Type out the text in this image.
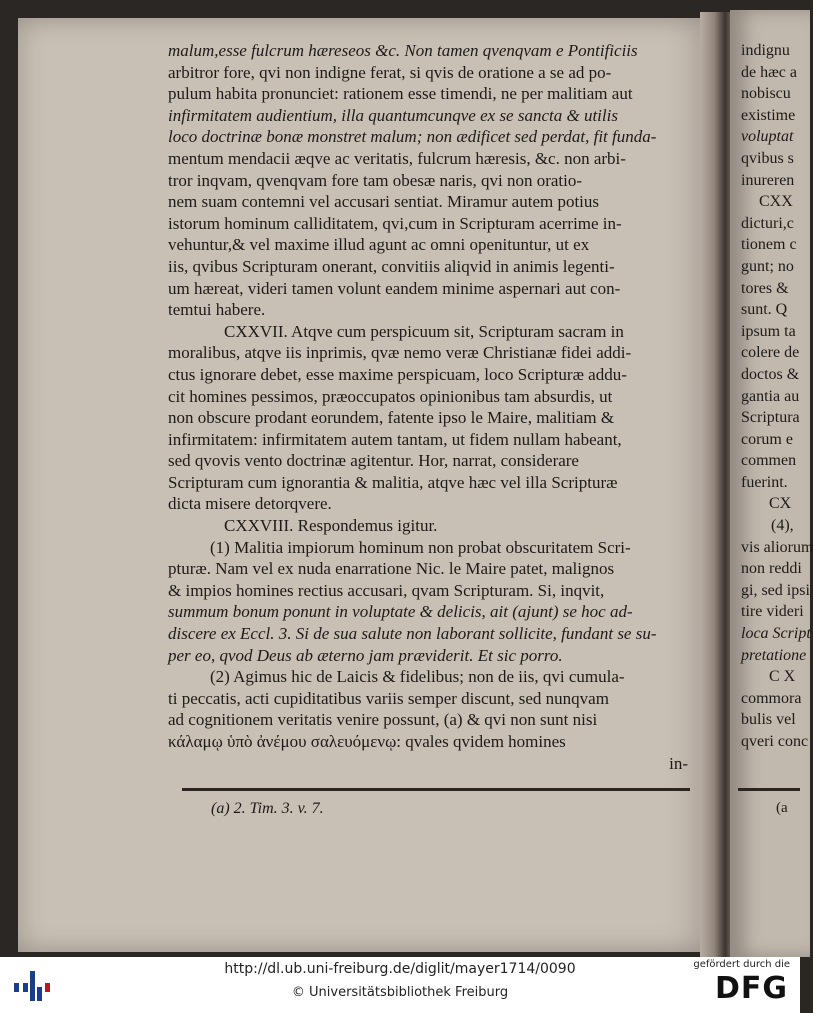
malum,esse fulcrum hæreseos &c. Non tamen qvenqvam e Pontificiis
arbitror fore, qvi non indigne ferat, si qvis de oratione a se ad po-
pulum habita pronunciet: rationem esse timendi, ne per malitiam aut
infirmitatem audientium, illa quantumcunqve ex se sancta & utilis
loco doctrinæ bonæ monstret malum; non ædificet sed perdat, fit funda-
mentum mendacii æqve ac veritatis, fulcrum hæresis, &c. non arbi-
tror inqvam, qvenqvam fore tam obesæ naris, qvi non oratio-
nem suam contemni vel accusari sentiat. Miramur autem potius
istorum hominum calliditatem, qvi,cum in Scripturam acerrime in-
vehuntur,& vel maxime illud agunt ac omni openituntur, ut ex
iis, qvibus Scripturam onerant, convitiis aliqvid in animis legenti-
um hæreat, videri tamen volunt eandem minime aspernari aut con-
temtui habere.
CXXVII. Atqve cum perspicuum sit, Scripturam sacram in
moralibus, atqve iis inprimis, qvæ nemo veræ Christianæ fidei addi-
ctus ignorare debet, esse maxime perspicuam, loco Scripturæ addu-
cit homines pessimos, præoccupatos opinionibus tam absurdis, ut
non obscure prodant eorundem, fatente ipso le Maire, malitiam &
infirmitatem: infirmitatem autem tantam, ut fidem nullam habeant,
sed qvovis vento doctrinæ agitentur. Hor, narrat, considerare
Scripturam cum ignorantia & malitia, atqve hæc vel illa Scripturæ
dicta misere detorqvere.
CXXVIII. Respondemus igitur.
(1) Malitia impiorum hominum non probat obscuritatem Scri-
pturæ. Nam vel ex nuda enarratione Nic. le Maire patet, malignos
& impios homines rectius accusari, qvam Scripturam. Si, inqvit,
summum bonum ponunt in voluptate & delicis, ait (ajunt) se hoc ad-
discere ex Eccl. 3. Si de sua salute non laborant sollicite, fundant se su-
per eo, qvod Deus ab æterno jam præviderit. Et sic porro.
(2) Agimus hic de Laicis & fidelibus; non de iis, qvi cumula-
ti peccatis, acti cupiditatibus variis semper discunt, sed nunqvam
ad cognitionem veritatis venire possunt, (a) & qvi non sunt nisi
κάλαμῳ ὑπὸ ἀνέμου σαλευόμενῳ: qvales qvidem homines
in-
(a) 2. Tim. 3. v. 7.
indignu
de hæc a
nobiscu
existime
voluptat
qvibus s
inureren
CXX
dicturi,c
tionem c
gunt; no
tores &
sunt. Q
ipsum ta
colere de
doctos &
gantia au
Scriptura
corum e
commen
fuerint.
CX
(4),
vis aliorum
non reddi
gi, sed ipsi
tire videri
loca Script
pretatione
C X
commora
bulis vel
qveri conc
(a
http://dl.ub.uni-freiburg.de/diglit/mayer1714/0090
© Universitätsbibliothek Freiburg
gefördert durch die
DFG
